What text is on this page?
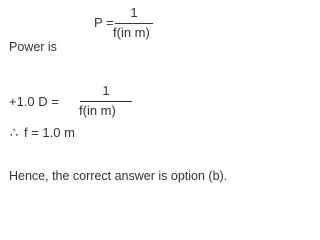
P =
1
f(in m)
Power is
+1.0 D =
1
f(in m)
∴ f = 1.0 m
Hence, the correct answer is option (b).
